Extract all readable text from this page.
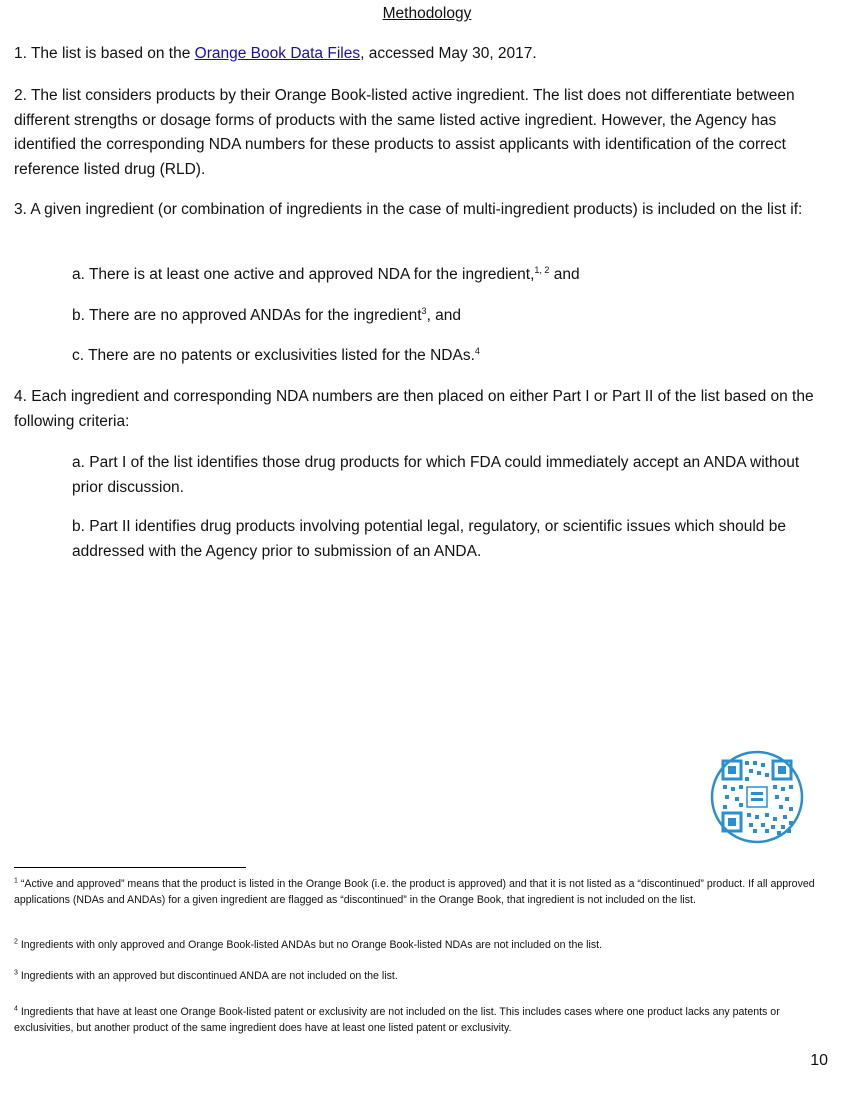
Methodology

1. The list is based on the Orange Book Data Files, accessed May 30, 2017.

2. The list considers products by their Orange Book-listed active ingredient. The list does not differentiate between different strengths or dosage forms of products with the same listed active ingredient. However, the Agency has identified the corresponding NDA numbers for these products to assist applicants with identification of the correct reference listed drug (RLD).

3. A given ingredient (or combination of ingredients in the case of multi-ingredient products) is included on the list if:

a. There is at least one active and approved NDA for the ingredient,$^{1, 2}$ and

b. There are no approved ANDAs for the ingredient$^3$, and

c. There are no patents or exclusivities listed for the NDAs.$^4$

4. Each ingredient and corresponding NDA numbers are then placed on either Part I or Part II of the list based on the following criteria:

a. Part I of the list identifies those drug products for which FDA could immediately accept an ANDA without prior discussion.

b. Part II identifies drug products involving potential legal, regulatory, or scientific issues which should be addressed with the Agency prior to submission of an ANDA.

$^1$ “Active and approved” means that the product is listed in the Orange Book (i.e. the product is approved) and that it is not listed as a “discontinued” product. If all approved applications (NDAs and ANDAs) for a given ingredient are flagged as “discontinued” in the Orange Book, that ingredient is not included on the list.

$^2$ Ingredients with only approved and Orange Book-listed ANDAs but no Orange Book-listed NDAs are not included on the list.

$^3$ Ingredients with an approved but discontinued ANDA are not included on the list.

$^4$ Ingredients that have at least one Orange Book-listed patent or exclusivity are not included on the list. This includes cases where one product lacks any patents or exclusivities, but another product of the same ingredient does have at least one listed patent or exclusivity.

10
